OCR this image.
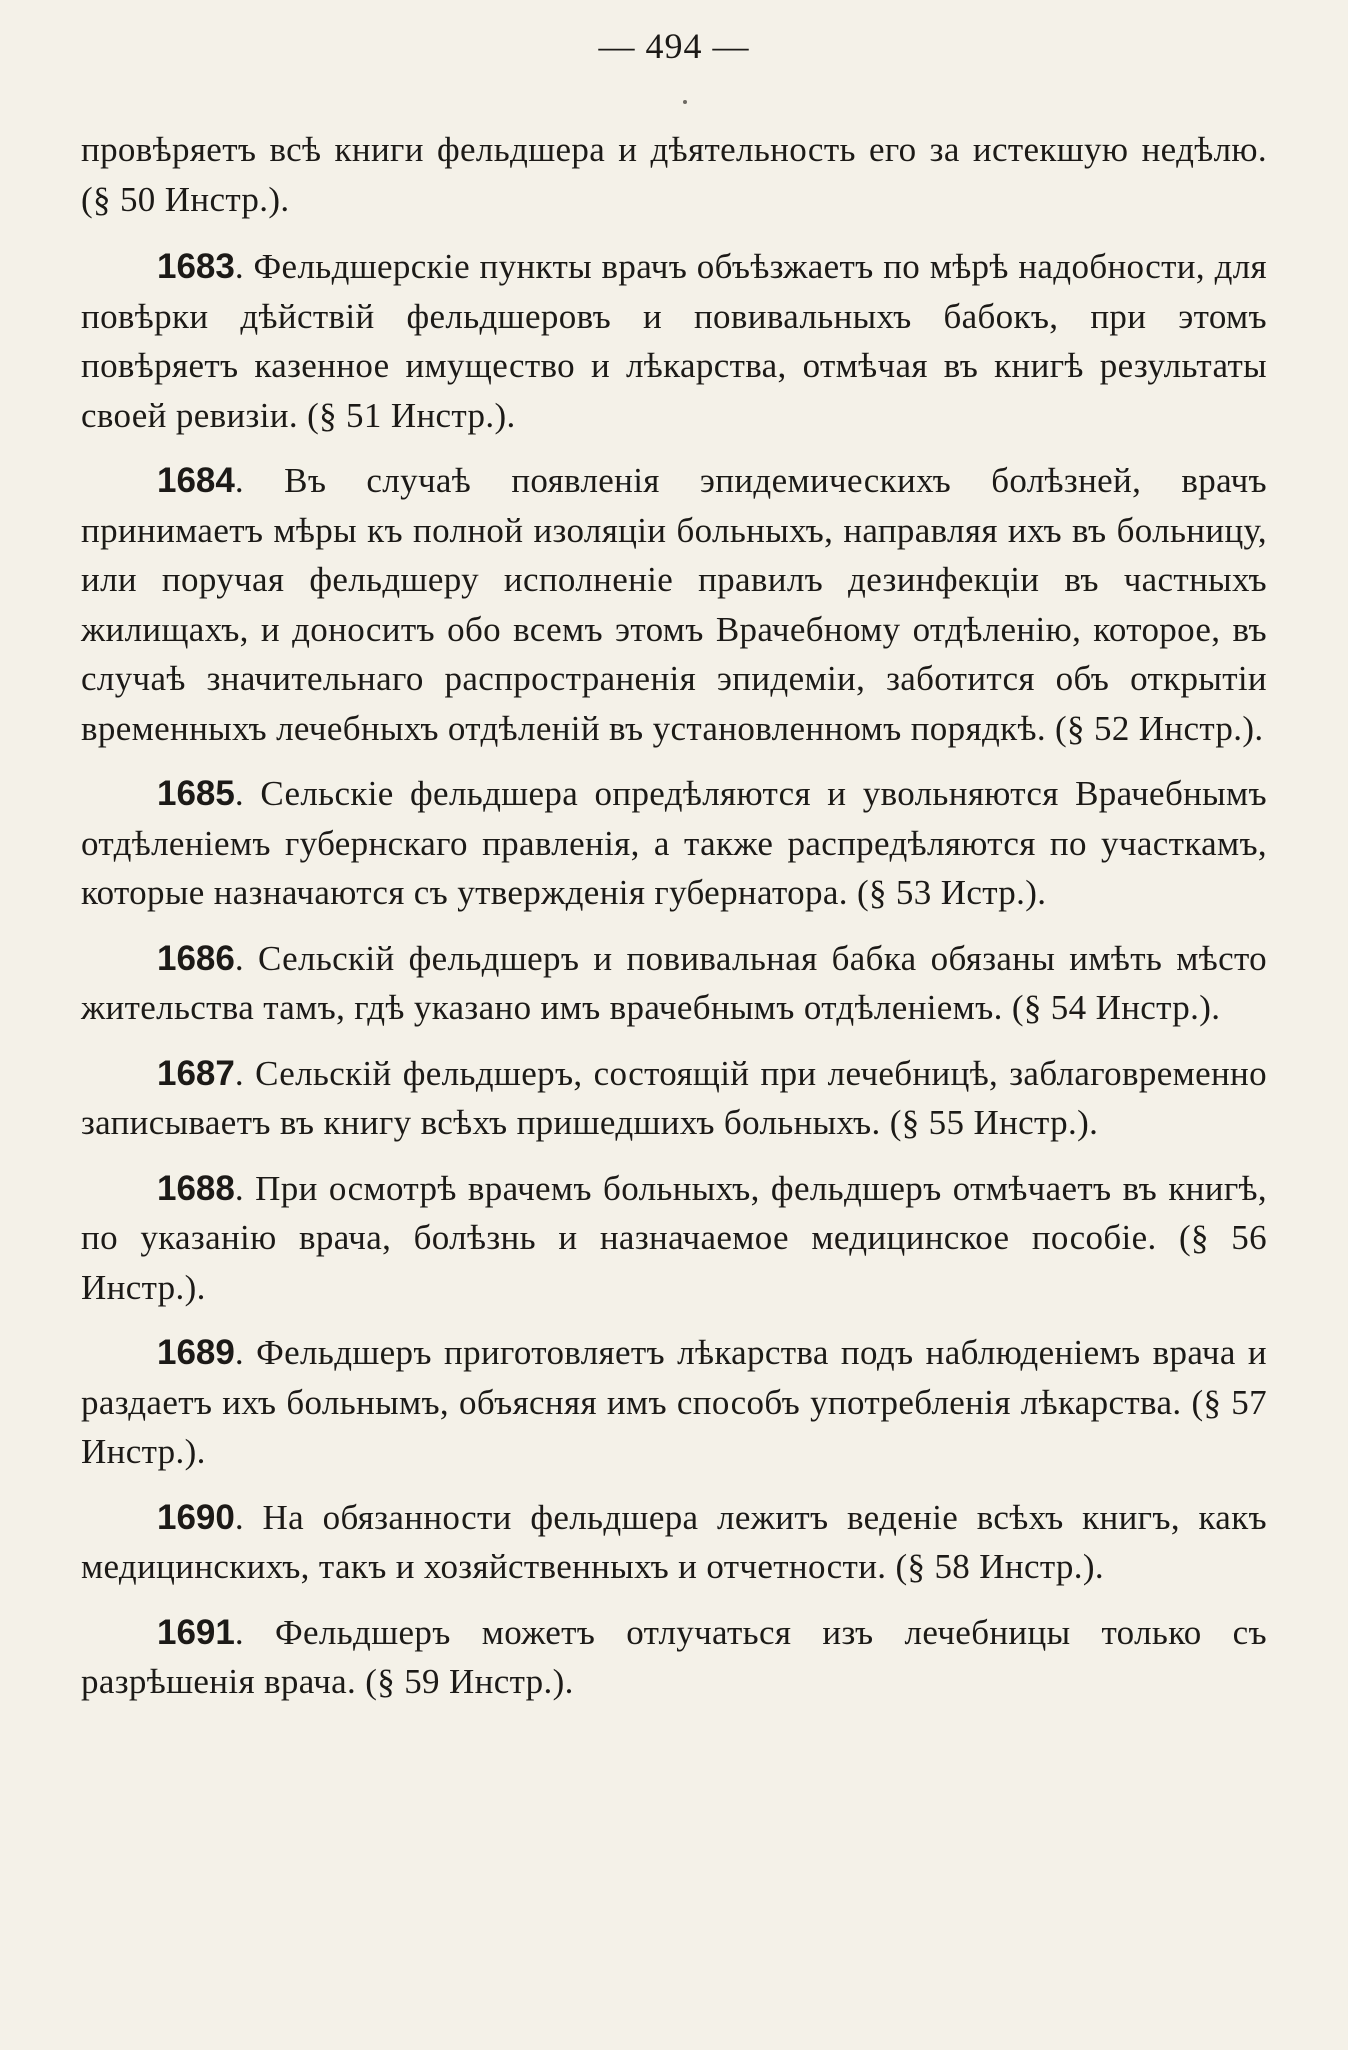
— 494 —

провѣряетъ всѣ книги фельдшера и дѣятельность его за истекшую недѣлю. (§ 50 Инстр.).

1683. Фельдшерскіе пункты врачъ объѣзжаетъ по мѣрѣ надобности, для повѣрки дѣйствій фельдшеровъ и повивальныхъ бабокъ, при этомъ повѣряетъ казенное имущество и лѣкарства, отмѣчая въ книгѣ результаты своей ревизіи. (§ 51 Инстр.).

1684. Въ случаѣ появленія эпидемическихъ болѣзней, врачъ принимаетъ мѣры къ полной изоляціи больныхъ, направляя ихъ въ больницу, или поручая фельдшеру исполненіе правилъ дезинфекціи въ частныхъ жилищахъ, и доноситъ обо всемъ этомъ Врачебному отдѣленію, которое, въ случаѣ значительнаго распространенія эпидеміи, заботится объ открытіи временныхъ лечебныхъ отдѣленій въ установленномъ порядкѣ. (§ 52 Инстр.).

1685. Сельскіе фельдшера опредѣляются и увольняются Врачебнымъ отдѣленіемъ губернскаго правленія, а также распредѣляются по участкамъ, которые назначаются съ утвержденія губернатора. (§ 53 Истр.).

1686. Сельскій фельдшеръ и повивальная бабка обязаны имѣть мѣсто жительства тамъ, гдѣ указано имъ врачебнымъ отдѣленіемъ. (§ 54 Инстр.).

1687. Сельскій фельдшеръ, состоящій при лечебницѣ, заблаговременно записываетъ въ книгу всѣхъ пришедшихъ больныхъ. (§ 55 Инстр.).

1688. При осмотрѣ врачемъ больныхъ, фельдшеръ отмѣчаетъ въ книгѣ, по указанію врача, болѣзнь и назначаемое медицинское пособіе. (§ 56 Инстр.).

1689. Фельдшеръ приготовляетъ лѣкарства подъ наблюденіемъ врача и раздаетъ ихъ больнымъ, объясняя имъ способъ употребленія лѣкарства. (§ 57 Инстр.).

1690. На обязанности фельдшера лежитъ веденіе всѣхъ книгъ, какъ медицинскихъ, такъ и хозяйственныхъ и отчетности. (§ 58 Инстр.).

1691. Фельдшеръ можетъ отлучаться изъ лечебницы только съ разрѣшенія врача. (§ 59 Инстр.).
